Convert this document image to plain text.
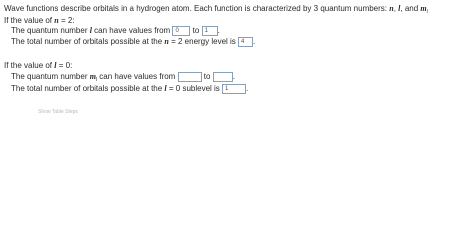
Wave functions describe orbitals in a hydrogen atom. Each function is characterized by 3 quantum numbers: n, l, and $m_l$
If the value of n = 2:
The quantum number l can have values from 0 to 1 .
The total number of orbitals possible at the n = 2 energy level is 4 .
If the value of l = 0:
The quantum number $m_l$ can have values from	to	.
The total number of orbitals possible at the l = 0 sublevel is 1 .
Show Table Steps
